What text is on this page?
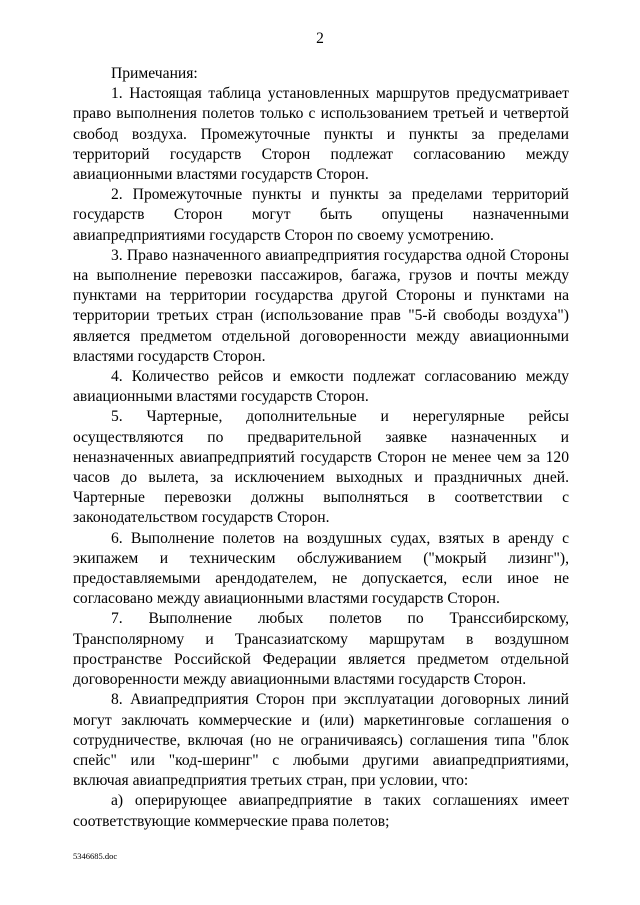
2

Примечания:

1. Настоящая таблица установленных маршрутов предусматривает право выполнения полетов только с использованием третьей и четвертой свобод воздуха. Промежуточные пункты и пункты за пределами территорий государств Сторон подлежат согласованию между авиационными властями государств Сторон.

2. Промежуточные пункты и пункты за пределами территорий государств Сторон могут быть опущены назначенными авиапредприятиями государств Сторон по своему усмотрению.

3. Право назначенного авиапредприятия государства одной Стороны на выполнение перевозки пассажиров, багажа, грузов и почты между пунктами на территории государства другой Стороны и пунктами на территории третьих стран (использование прав "5-й свободы воздуха") является предметом отдельной договоренности между авиационными властями государств Сторон.

4. Количество рейсов и емкости подлежат согласованию между авиационными властями государств Сторон.

5. Чартерные, дополнительные и нерегулярные рейсы осуществляются по предварительной заявке назначенных и неназначенных авиапредприятий государств Сторон не менее чем за 120 часов до вылета, за исключением выходных и праздничных дней. Чартерные перевозки должны выполняться в соответствии с законодательством государств Сторон.

6. Выполнение полетов на воздушных судах, взятых в аренду с экипажем и техническим обслуживанием ("мокрый лизинг"), предоставляемыми арендодателем, не допускается, если иное не согласовано между авиационными властями государств Сторон.

7. Выполнение любых полетов по Транссибирскому, Трансполярному и Трансазиатскому маршрутам в воздушном пространстве Российской Федерации является предметом отдельной договоренности между авиационными властями государств Сторон.

8. Авиапредприятия Сторон при эксплуатации договорных линий могут заключать коммерческие и (или) маркетинговые соглашения о сотрудничестве, включая (но не ограничиваясь) соглашения типа "блок спейс" или "код-шеринг" с любыми другими авиапредприятиями, включая авиапредприятия третьих стран, при условии, что:

а) оперирующее авиапредприятие в таких соглашениях имеет соответствующие коммерческие права полетов;

5346685.doc
